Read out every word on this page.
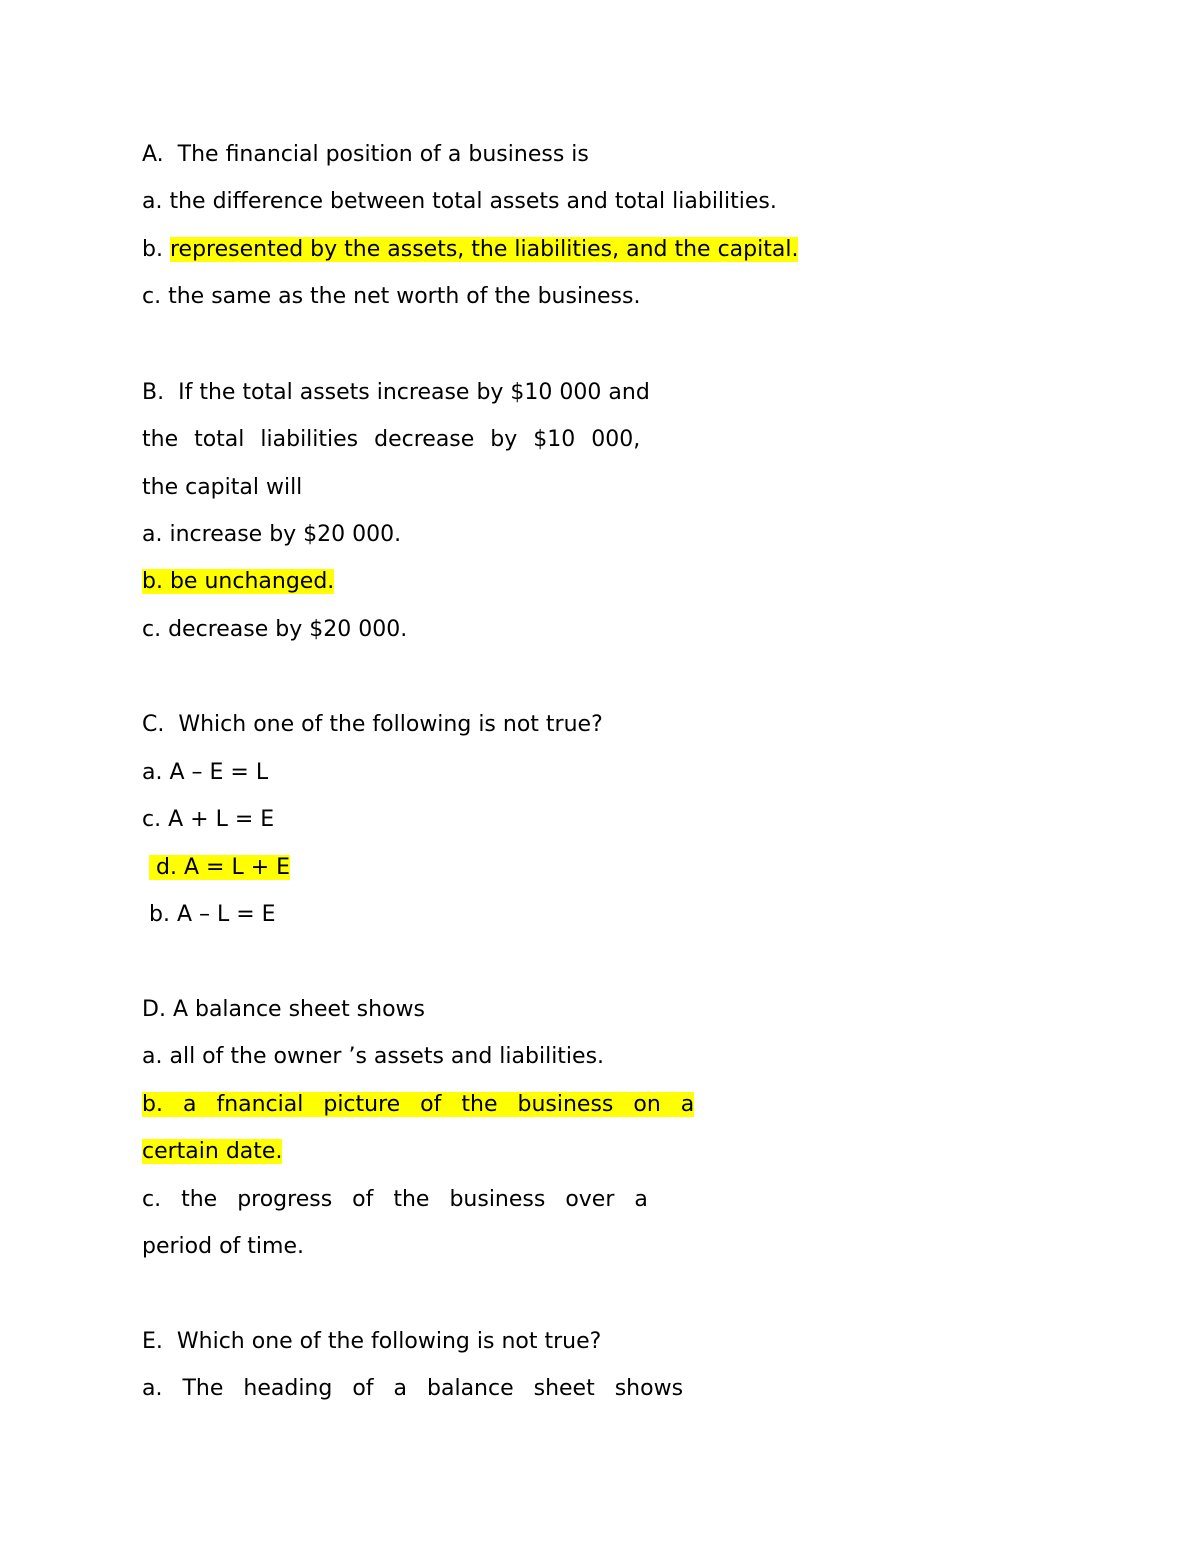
A. The financial position of a business is
a. the difference between total assets and total liabilities.
b. represented by the assets, the liabilities, and the capital.
c. the same as the net worth of the business.
B. If the total assets increase by $10 000 and
the total liabilities decrease by $10 000,
the capital will
a. increase by $20 000.
b. be unchanged.
c. decrease by $20 000.
C. Which one of the following is not true?
a. A – E = L
c. A + L = E
d. A = L + E
b. A – L = E
D. A balance sheet shows
a. all of the owner ’s assets and liabilities.
b. a fnancial picture of the business on a
certain date.
c. the progress of the business over a
period of time.
E. Which one of the following is not true?
a. The heading of a balance sheet shows
